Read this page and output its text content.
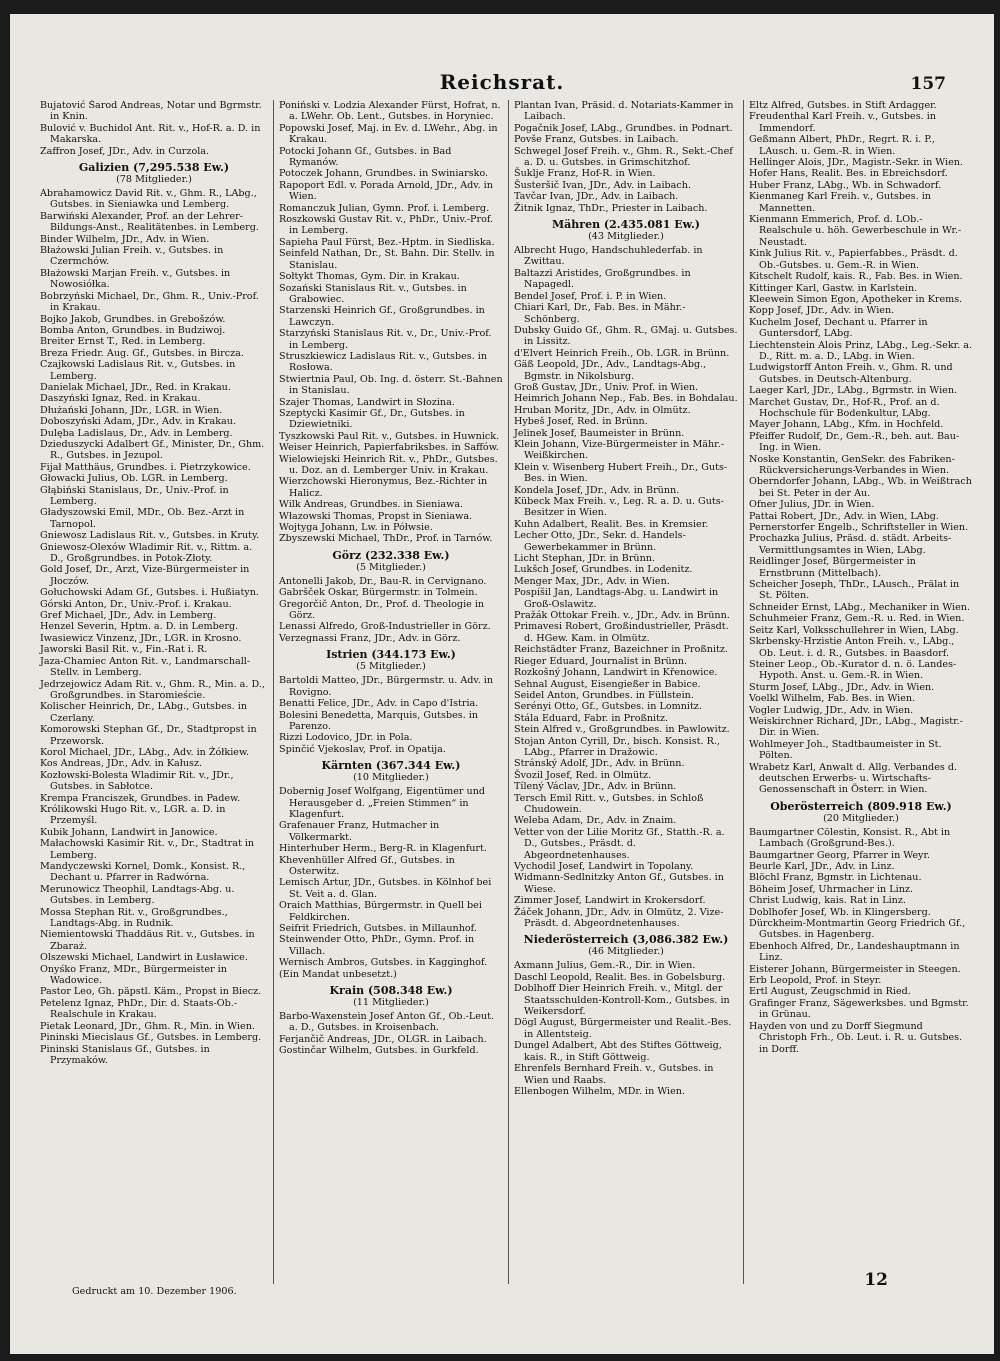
Reichsrat.	157

Bujatović Šarod Andreas, Notar und Bgrmstr. in Knin.

Bulović v. Buchidol Ant. Rit. v., Hof-R. a. D. in Makarska.

Zaffron Josef, JDr., Adv. in Curzola.

Galizien (7,295.538 Ew.)
(78 Mitglieder.)

Abrahamowicz David Rit. v., Ghm. R., LAbg., Gutsbes. in Sieniawka und Lemberg.

Barwiński Alexander, Prof. an der Lehrer-Bildungs-Anst., Realitätenbes. in Lemberg.

Binder Wilhelm, JDr., Adv. in Wien.

Błażowski Julian Freih. v., Gutsbes. in Czermchów.

Błażowski Marjan Freih. v., Gutsbes. in Nowosiółka.

Bobrzyński Michael, Dr., Ghm. R., Univ.-Prof. in Krakau.

Bojko Jakob, Grundbes. in Grebošzów.

Bomba Anton, Grundbes. in Budziwoj.

Breiter Ernst T., Red. in Lemberg.

Breza Friedr. Aug. Gf., Gutsbes. in Bircza.

Czajkowski Ladislaus Rit. v., Gutsbes. in Lemberg.

Danielak Michael, JDr., Red. in Krakau.

Daszyński Ignaz, Red. in Krakau.

Dłużański Johann, JDr., LGR. in Wien.

Doboszyński Adam, JDr., Adv. in Krakau.

Dulęba Ladislaus, Dr., Adv. in Lemberg.

Dzieduszycki Adalbert Gf., Minister, Dr., Ghm. R., Gutsbes. in Jezupol.

Fijał Matthäus, Grundbes. i. Pietrzykowice.

Głowacki Julius, Ob. LGR. in Lemberg.

Głąbiński Stanislaus, Dr., Univ.-Prof. in Lemberg.

Gładyszowski Emil, MDr., Ob. Bez.-Arzt in Tarnopol.

Gniewosz Ladislaus Rit. v., Gutsbes. in Kruty.

Gniewosz-Olexów Wladimir Rit. v., Rittm. a. D., Großgrundbes. in Potok-Złoty.

Gold Josef, Dr., Arzt, Vize-Bürgermeister in Jłoczów.

Gołuchowski Adam Gf., Gutsbes. i. Hußiatyn.

Górski Anton, Dr., Univ.-Prof. i. Krakau.

Gref Michael, JDr., Adv. in Lemberg.

Henzel Severin, Hptm. a. D. in Lemberg.

Iwasiewicz Vinzenz, JDr., LGR. in Krosno.

Jaworski Basil Rit. v., Fin.-Rat i. R.

Jaza-Chamiec Anton Rit. v., Landmarschall-Stellv. in Lemberg.

Jedrzejowicz Adam Rit. v., Ghm. R., Min. a. D., Großgrundbes. in Staromieście.

Kolischer Heinrich, Dr., LAbg., Gutsbes. in Czerlany.

Komorowski Stephan Gf., Dr., Stadtpropst in Przeworsk.

Korol Michael, JDr., LAbg., Adv. in Żółkiew.

Kos Andreas, JDr., Adv. in Kałusz.

Kozłowski-Bolesta Wladimir Rit. v., JDr., Gutsbes. in Sabłotce.

Krempa Franciszek, Grundbes. in Padew.

Królikowski Hugo Rit. v., LGR. a. D. in Przemyśl.

Kubik Johann, Landwirt in Janowice.

Małachowski Kasimir Rit. v., Dr., Stadtrat in Lemberg.

Mandyczewski Kornel, Domk., Konsist. R., Dechant u. Pfarrer in Radwórna.

Merunowicz Theophil, Landtags-Abg. u. Gutsbes. in Lemberg.

Mossa Stephan Rit. v., Großgrundbes., Landtags-Abg. in Rudnik.

Niemientowski Thaddäus Rit. v., Gutsbes. in Zbaraż.

Olszewski Michael, Landwirt in Łusławice.

Onyśko Franz, MDr., Bürgermeister in Wadowice.

Pastor Leo, Gh. päpstl. Käm., Propst in Biecz.

Petelenz Ignaz, PhDr., Dir. d. Staats-Ob.-Realschule in Krakau.

Pietak Leonard, JDr., Ghm. R., Min. in Wien.

Pininski Miecislaus Gf., Gutsbes. in Lemberg.

Pininski Stanislaus Gf., Gutsbes. in Przymaków.

Poniński v. Lodzia Alexander Fürst, Hofrat, n. a. LWehr. Ob. Lent., Gutsbes. in Horyniec.

Popowski Josef, Maj. in Ev. d. LWehr., Abg. in Krakau.

Potocki Johann Gf., Gutsbes. in Bad Rymanów.

Potoczek Johann, Grundbes. in Swiniarsko.

Rapoport Edl. v. Porada Arnold, JDr., Adv. in Wien.

Romanczuk Julian, Gymn. Prof. i. Lemberg.

Roszkowski Gustav Rit. v., PhDr., Univ.-Prof. in Lemberg.

Sapieha Paul Fürst, Bez.-Hptm. in Siedliska.

Seinfeld Nathan, Dr., St. Bahn. Dir. Stellv. in Stanislau.

Sołtykt Thomas, Gym. Dir. in Krakau.

Sozański Stanislaus Rit. v., Gutsbes. in Grabowiec.

Starzenski Heinrich Gf., Großgrundbes. in Lawczyn.

Starzyński Stanislaus Rit. v., Dr., Univ.-Prof. in Lemberg.

Struszkiewicz Ladislaus Rit. v., Gutsbes. in Rosłowa.

Stwiertnia Paul, Ob. Ing. d. österr. St.-Bahnen in Stanislau.

Szajer Thomas, Landwirt in Słozina.

Szeptycki Kasimir Gf., Dr., Gutsbes. in Dziewietniki.

Tyszkowski Paul Rit. v., Gutsbes. in Huwnick.

Weiser Heinrich, Papierfabriksbes. in Saffów.

Wielowiejski Heinrich Rit. v., PhDr., Gutsbes. u. Doz. an d. Lemberger Univ. in Krakau.

Wierzchowski Hieronymus, Bez.-Richter in Halicz.

Wilk Andreas, Grundbes. in Sieniawa.

Włazowski Thomas, Propst in Sieniawa.

Wojtyga Johann, Lw. in Półwsie.

Zbyszewski Michael, ThDr., Prof. in Tarnów.

Görz (232.338 Ew.)
(5 Mitglieder.)

Antonelli Jakob, Dr., Bau-R. in Cervignano.

Gabršček Oskar, Bürgermstr. in Tolmein.

Gregorčič Anton, Dr., Prof. d. Theologie in Görz.

Lenassi Alfredo, Groß-Industrieller in Görz.

Verzegnassi Franz, JDr., Adv. in Görz.

Istrien (344.173 Ew.)
(5 Mitglieder.)

Bartoldi Matteo, JDr., Bürgermstr. u. Adv. in Rovigno.

Benatti Felice, JDr., Adv. in Capo d'Istria.

Bolesini Benedetta, Marquis, Gutsbes. in Parenzo.

Rizzi Lodovico, JDr. in Pola.

Spinčić Vjekoslav, Prof. in Opatija.

Kärnten (367.344 Ew.)
(10 Mitglieder.)

Dobernig Josef Wolfgang, Eigentümer und Herausgeber d. „Freien Stimmen“ in Klagenfurt.

Grafenauer Franz, Hutmacher in Völkermarkt.

Hinterhuber Herm., Berg-R. in Klagenfurt.

Khevenhüller Alfred Gf., Gutsbes. in Osterwitz.

Lemisch Artur, JDr., Gutsbes. in Kölnhof bei St. Veit a. d. Glan.

Oraich Matthias, Bürgermstr. in Quell bei Feldkirchen.

Seifrit Friedrich, Gutsbes. in Millaunhof.

Steinwender Otto, PhDr., Gymn. Prof. in Villach.

Wernisch Ambros, Gutsbes. in Kagginghof.

(Ein Mandat unbesetzt.)

Krain (508.348 Ew.)
(11 Mitglieder.)

Barbo-Waxenstein Josef Anton Gf., Ob.-Leut. a. D., Gutsbes. in Kroisenbach.

Ferjančič Andreas, JDr., OLGR. in Laibach.

Gostinčar Wilhelm, Gutsbes. in Gurkfeld.

Plantan Ivan, Präsid. d. Notariats-Kammer in Laibach.

Pogačnik Josef, LAbg., Grundbes. in Podnart.

Povše Franz, Gutsbes. in Laibach.

Schwegel Josef Freih. v., Ghm. R., Sekt.-Chef a. D. u. Gutsbes. in Grimschitzhof.

Šuklje Franz, Hof-R. in Wien.

Šusteršič Ivan, JDr., Adv. in Laibach.

Tavčar Ivan, JDr., Adv. in Laibach.

Žitnik Ignaz, ThDr., Priester in Laibach.

Mähren (2.435.081 Ew.)
(43 Mitglieder.)

Albrecht Hugo, Handschuhlederfab. in Zwittau.

Baltazzi Aristides, Großgrundbes. in Napagedl.

Bendel Josef, Prof. i. P. in Wien.

Chiari Karl, Dr., Fab. Bes. in Mähr.-Schönberg.

Dubsky Guido Gf., Ghm. R., GMaj. u. Gutsbes. in Lissitz.

d'Elvert Heinrich Freih., Ob. LGR. in Brünn.

Gäß Leopold, JDr., Adv., Landtags-Abg., Bgmstr. in Nikolsburg.

Groß Gustav, JDr., Univ. Prof. in Wien.

Heimrich Johann Nep., Fab. Bes. in Bohdalau.

Hruban Moritz, JDr., Adv. in Olmütz.

Hybeš Josef, Red. in Brünn.

Jelinek Josef, Baumeister in Brünn.

Klein Johann, Vize-Bürgermeister in Mähr.-Weißkirchen.

Klein v. Wisenberg Hubert Freih., Dr., Guts-Bes. in Wien.

Kondela Josef, JDr., Adv. in Brünn.

Kübeck Max Freih. v., Leg. R. a. D. u. Guts-Besitzer in Wien.

Kuhn Adalbert, Realit. Bes. in Kremsier.

Lecher Otto, JDr., Sekr. d. Handels-Gewerbekammer in Brünn.

Licht Stephan, JDr. in Brünn.

Lukšch Josef, Grundbes. in Lodenitz.

Menger Max, JDr., Adv. in Wien.

Pospíšil Jan, Landtags-Abg. u. Landwirt in Groß-Oslawitz.

Pražák Ottokar Freih. v., JDr., Adv. in Brünn.

Primavesi Robert, Großindustrieller, Präsdt. d. HGew. Kam. in Olmütz.

Reichstädter Franz, Bazeichner in Proßnitz.

Rieger Eduard, Journalist in Brünn.

Rozkošný Johann, Landwirt in Křenowice.

Sehnal August, Eisengießer in Babice.

Seidel Anton, Grundbes. in Füllstein.

Serényi Otto, Gf., Gutsbes. in Lomnitz.

Stála Eduard, Fabr. in Proßnitz.

Stein Alfred v., Großgrundbes. in Pawlowitz.

Stojan Anton Cyrill, Dr., bisch. Konsist. R., LAbg., Pfarrer in Dražowic.

Stránský Adolf, JDr., Adv. in Brünn.

Švozil Josef, Red. in Olmütz.

Tílený Václav, JDr., Adv. in Brünn.

Tersch Emil Ritt. v., Gutsbes. in Schloß Chudowein.

Weleba Adam, Dr., Adv. in Znaim.

Vetter von der Lilie Moritz Gf., Statth.-R. a. D., Gutsbes., Präsdt. d. Abgeordnetenhauses.

Vychodil Josef, Landwirt in Topolany.

Widmann-Sedlnitzky Anton Gf., Gutsbes. in Wiese.

Zimmer Josef, Landwirt in Krokersdorf.

Žáček Johann, JDr., Adv. in Olmütz, 2. Vize-Präsdt. d. Abgeordnetenhauses.

Niederösterreich (3,086.382 Ew.)
(46 Mitglieder.)

Axmann Julius, Gem.-R., Dir. in Wien.

Daschl Leopold, Realit. Bes. in Gobelsburg.

Doblhoff Dier Heinrich Freih. v., Mitgl. der Staatsschulden-Kontroll-Kom., Gutsbes. in Weikersdorf.

Dögl August, Bürgermeister und Realit.-Bes. in Allentsteig.

Dungel Adalbert, Abt des Stiftes Göttweig, kais. R., in Stift Göttweig.

Ehrenfels Bernhard Freih. v., Gutsbes. in Wien und Raabs.

Ellenbogen Wilhelm, MDr. in Wien.

Eltz Alfred, Gutsbes. in Stift Ardagger.

Freudenthal Karl Freih. v., Gutsbes. in Immendorf.

Geßmann Albert, PhDr., Regrt. R. i. P., LAusch. u. Gem.-R. in Wien.

Hellinger Alois, JDr., Magistr.-Sekr. in Wien.

Hofer Hans, Realit. Bes. in Ebreichsdorf.

Huber Franz, LAbg., Wb. in Schwadorf.

Kienmaneg Karl Freih. v., Gutsbes. in Mannetten.

Kienmann Emmerich, Prof. d. LOb.-Realschule u. höh. Gewerbeschule in Wr.-Neustadt.

Kink Julius Rit. v., Papierfabbes., Präsdt. d. Ob.-Gutsbes. u. Gem.-R. in Wien.

Kitschelt Rudolf, kais. R., Fab. Bes. in Wien.

Kittinger Karl, Gastw. in Karlstein.

Kleewein Simon Egon, Apotheker in Krems.

Kopp Josef, JDr., Adv. in Wien.

Kuchelm Josef, Dechant u. Pfarrer in Guntersdorf, LAbg.

Liechtenstein Alois Prinz, LAbg., Leg.-Sekr. a. D., Ritt. m. a. D., LAbg. in Wien.

Ludwigstorff Anton Freih. v., Ghm. R. und Gutsbes. in Deutsch-Altenburg.

Laeger Karl, JDr., LAbg., Bgrmstr. in Wien.

Marchet Gustav, Dr., Hof-R., Prof. an d. Hochschule für Bodenkultur, LAbg.

Mayer Johann, LAbg., Kfm. in Hochfeld.

Pfeiffer Rudolf, Dr., Gem.-R., beh. aut. Bau-Ing. in Wien.

Noske Konstantin, GenSekr. des Fabriken-Rückversicherungs-Verbandes in Wien.

Oberndorfer Johann, LAbg., Wb. in Weißtrach bei St. Peter in der Au.

Ofner Julius, JDr. in Wien.

Pattai Robert, JDr., Adv. in Wien, LAbg.

Pernerstorfer Engelb., Schriftsteller in Wien.

Prochazka Julius, Präsd. d. städt. Arbeits-Vermittlungsamtes in Wien, LAbg.

Reidlinger Josef, Bürgermeister in Ernstbrunn (Mittelbach).

Scheicher Joseph, ThDr., LAusch., Prälat in St. Pölten.

Schneider Ernst, LAbg., Mechaniker in Wien.

Schuhmeier Franz, Gem.-R. u. Red. in Wien.

Seitz Karl, Volksschullehrer in Wien, LAbg.

Skrbensky-Hrzistie Anton Freih. v., LAbg., Ob. Leut. i. d. R., Gutsbes. in Baasdorf.

Steiner Leop., Ob.-Kurator d. n. ö. Landes-Hypoth. Anst. u. Gem.-R. in Wien.

Sturm Josef, LAbg., JDr., Adv. in Wien.

Voelkl Wilhelm, Fab. Bes. in Wien.

Vogler Ludwig, JDr., Adv. in Wien.

Weiskirchner Richard, JDr., LAbg., Magistr.-Dir. in Wien.

Wohlmeyer Joh., Stadtbaumeister in St. Pölten.

Wrabetz Karl, Anwalt d. Allg. Verbandes d. deutschen Erwerbs- u. Wirtschafts-Genossenschaft in Österr. in Wien.

Oberösterreich (809.918 Ew.)
(20 Mitglieder.)

Baumgartner Cölestin, Konsist. R., Abt in Lambach (Großgrund-Bes.).

Baumgartner Georg, Pfarrer in Weyr.

Beurle Karl, JDr., Adv. in Linz.

Blöchl Franz, Bgmstr. in Lichtenau.

Böheim Josef, Uhrmacher in Linz.

Christ Ludwig, kais. Rat in Linz.

Doblhofer Josef, Wb. in Klingersberg.

Dürckheim-Montmartin Georg Friedrich Gf., Gutsbes. in Hagenberg.

Ebenhoch Alfred, Dr., Landeshauptmann in Linz.

Eisterer Johann, Bürgermeister in Steegen.

Erb Leopold, Prof. in Steyr.

Ertl August, Zeugschmid in Ried.

Grafinger Franz, Sägewerksbes. und Bgmstr. in Grünau.

Hayden von und zu Dorff Siegmund Christoph Frh., Ob. Leut. i. R. u. Gutsbes. in Dorff.

Gedruckt am 10. Dezember 1906.
12
